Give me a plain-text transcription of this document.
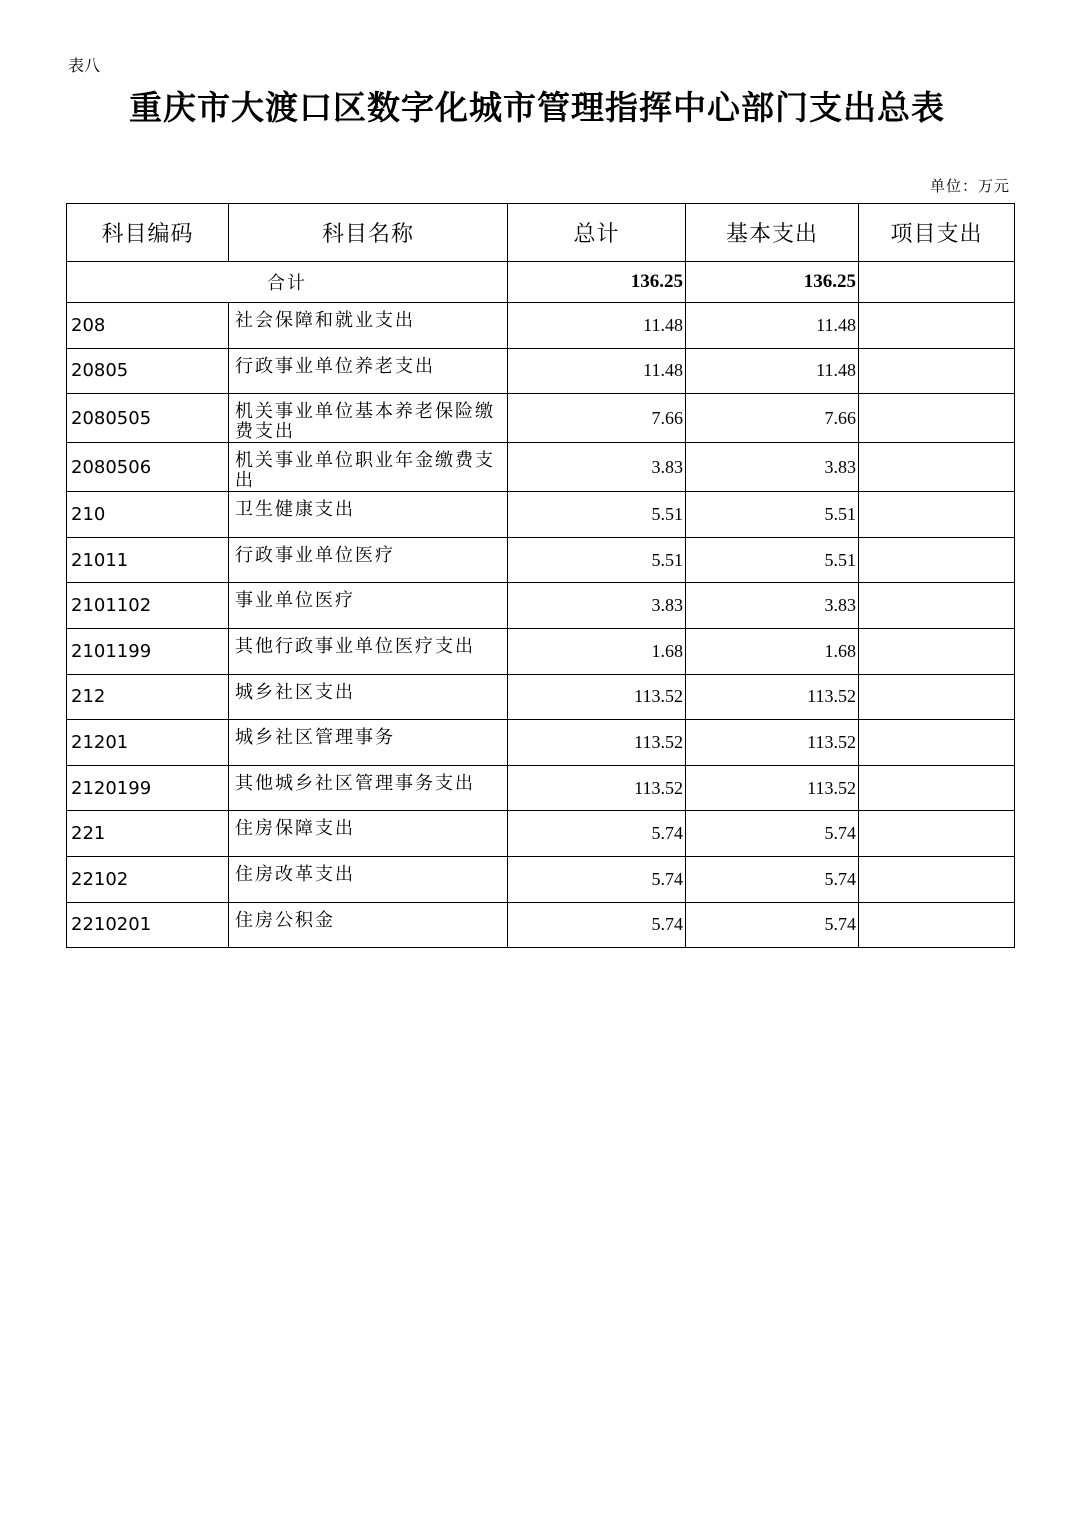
表八
重庆市大渡口区数字化城市管理指挥中心部门支出总表
单位：万元
科目编码	科目名称	总计	基本支出	项目支出
合计		136.25	136.25	
208	社会保障和就业支出	11.48	11.48	
20805	行政事业单位养老支出	11.48	11.48	
2080505	机关事业单位基本养老保险缴费支出	7.66	7.66	
2080506	机关事业单位职业年金缴费支出	3.83	3.83	
210	卫生健康支出	5.51	5.51	
21011	行政事业单位医疗	5.51	5.51	
2101102	事业单位医疗	3.83	3.83	
2101199	其他行政事业单位医疗支出	1.68	1.68	
212	城乡社区支出	113.52	113.52	
21201	城乡社区管理事务	113.52	113.52	
2120199	其他城乡社区管理事务支出	113.52	113.52	
221	住房保障支出	5.74	5.74	
22102	住房改革支出	5.74	5.74	
2210201	住房公积金	5.74	5.74	
